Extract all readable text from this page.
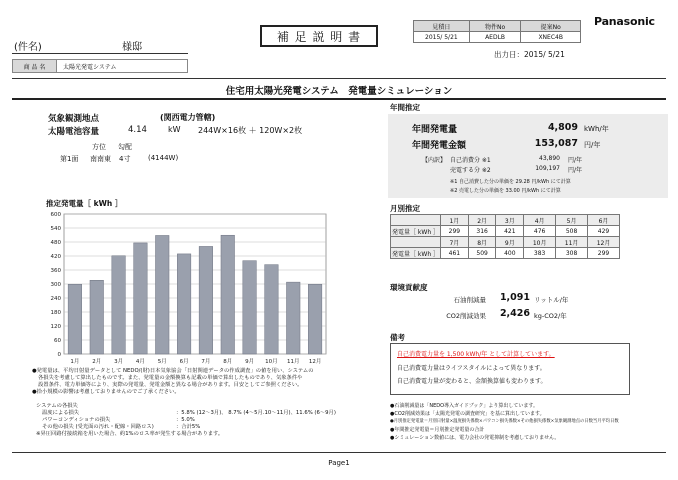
(件名)	様邸
補 足 説 明 書
見積日	物件No	提案No
2015/ 5/21	AEDLB	XNEC4B
Panasonic
出力日：2015/ 5/21
商 品 名	太陽光発電システム
住宅用太陽光発電システム　発電量シミュレーション
気象観測地点	(関西電力管轄)
太陽電池容量	4.14	kW 244W×16枚 ＋ 120W×2枚
方位 勾配
第1面 南南東 4寸	(4144W)
年間推定
年間発電量	4,809 kWh/年
年間発電金額	153,087 円/年
【内訳】 自己消費分 ※1	43,890 円/年
売電する分 ※2	109,197 円/年
※1 自己消費した分の単価を 29.28 円/kWh にて計算
※2 売電した分の単価を 33.00 円/kWh にて計算
推定発電量［ kWh ］
0
60
120
180
240
300
360
420
480
540
600
1月 2月 3月 4月 5月 6月 7月 8月 9月 10月 11月 12月
月別推定
	1月	2月	3月	4月	5月	6月
発電量［ kWh ］	299	316	421	476	508	429
	7月	8月	9月	10月	11月	12月
発電量［ kWh ］	461	509	400	383	308	299
環境貢献度
石油削減量	1,091 リットル/年
CO2削減効果	2,426 kg-CO2/年
備考
自己消費電力量を 1,500 kWh/年 として計算しています。
自己消費電力量はライフスタイルによって異なります。
自己消費電力量が変わると、金額換算値も変わります。
●発電量は、平均日射量データとして NEDO/(財)日本気象協会「日射関連データの作成調査」の値を用い、システムの
各損失を考慮して算出したものです。また、発電量の金額換算も記載の単価で算出したものであり、気象条件や
設置条件、電力単価等により、実際の発電量、発電金額と異なる場合があります。目安としてご参照ください。
●拾小規模の影響は考慮しておりませんのでご了承ください。
システムの各損失
温度による損失	：5.8% (12～3月)、 8.7% (4～5月.10～11月)、11.6% (6～9月)
パワーコンディショナの損失	：5.0%
その他の損失 (受光面の汚れ・配線・回路ロス)	：合計5%
※昇圧回路付接続箱を用いた場合、約1%のロス率が発生する場合があります。
●石油削減量は「NEDO導入ガイドブック」より算出しています。
●CO2削減効果は「太陽光発電の調査研究」を基に算出しています。
●月別推定発電量＝月別日射量×温度損失係数×パワコン損失係数×その他損失係数×気象観測地点の日数当月平均日数
●年間推定発電量＝月別推定発電量の合計
●シミュレーション数値には、電力会社の発電抑制を考慮しておりません。
Page1
